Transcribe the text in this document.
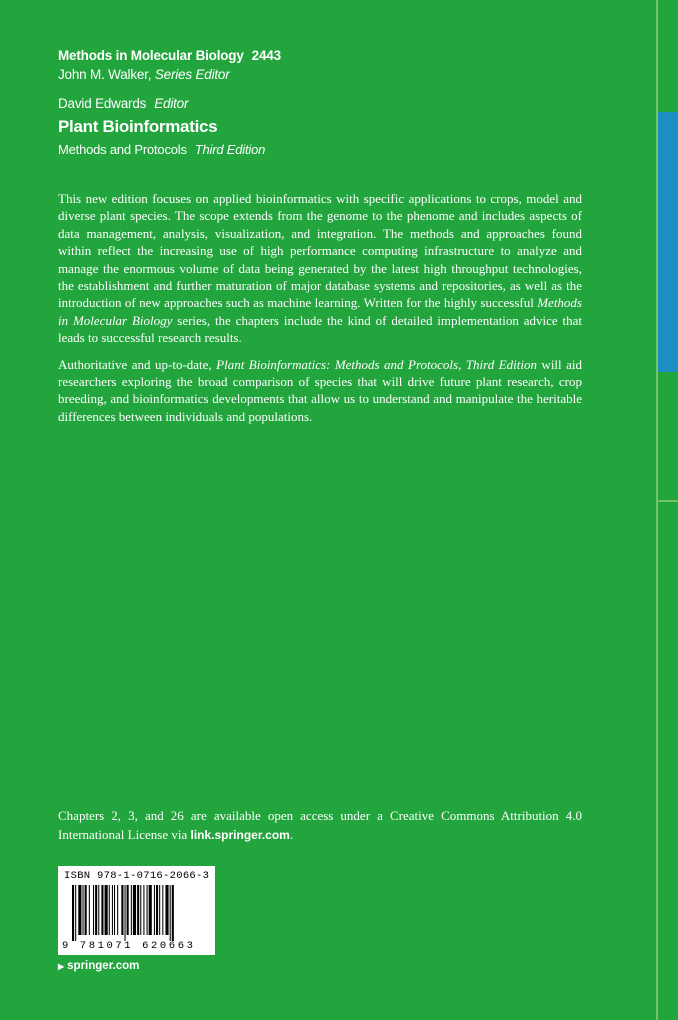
Methods in Molecular Biology 2443
John M. Walker, Series Editor
David Edwards Editor
Plant Bioinformatics
Methods and Protocols Third Edition

This new edition focuses on applied bioinformatics with specific applications to crops, model and diverse plant species. The scope extends from the genome to the phenome and includes aspects of data management, analysis, visualization, and integration. The methods and approaches found within reflect the increasing use of high performance computing infrastructure to analyze and manage the enormous volume of data being generated by the latest high throughput technologies, the establishment and further maturation of major database systems and repositories, as well as the introduction of new approaches such as machine learning. Written for the highly successful Methods in Molecular Biology series, the chapters include the kind of detailed implementation advice that leads to successful research results.

Authoritative and up-to-date, Plant Bioinformatics: Methods and Protocols, Third Edition will aid researchers exploring the broad comparison of species that will drive future plant research, crop breeding, and bioinformatics developments that allow us to understand and manipulate the heritable differences between individuals and populations.

Chapters 2, 3, and 26 are available open access under a Creative Commons Attribution 4.0 International License via link.springer.com.
ISBN 978-1-0716-2066-3
9 781071 620663
▶ springer.com
